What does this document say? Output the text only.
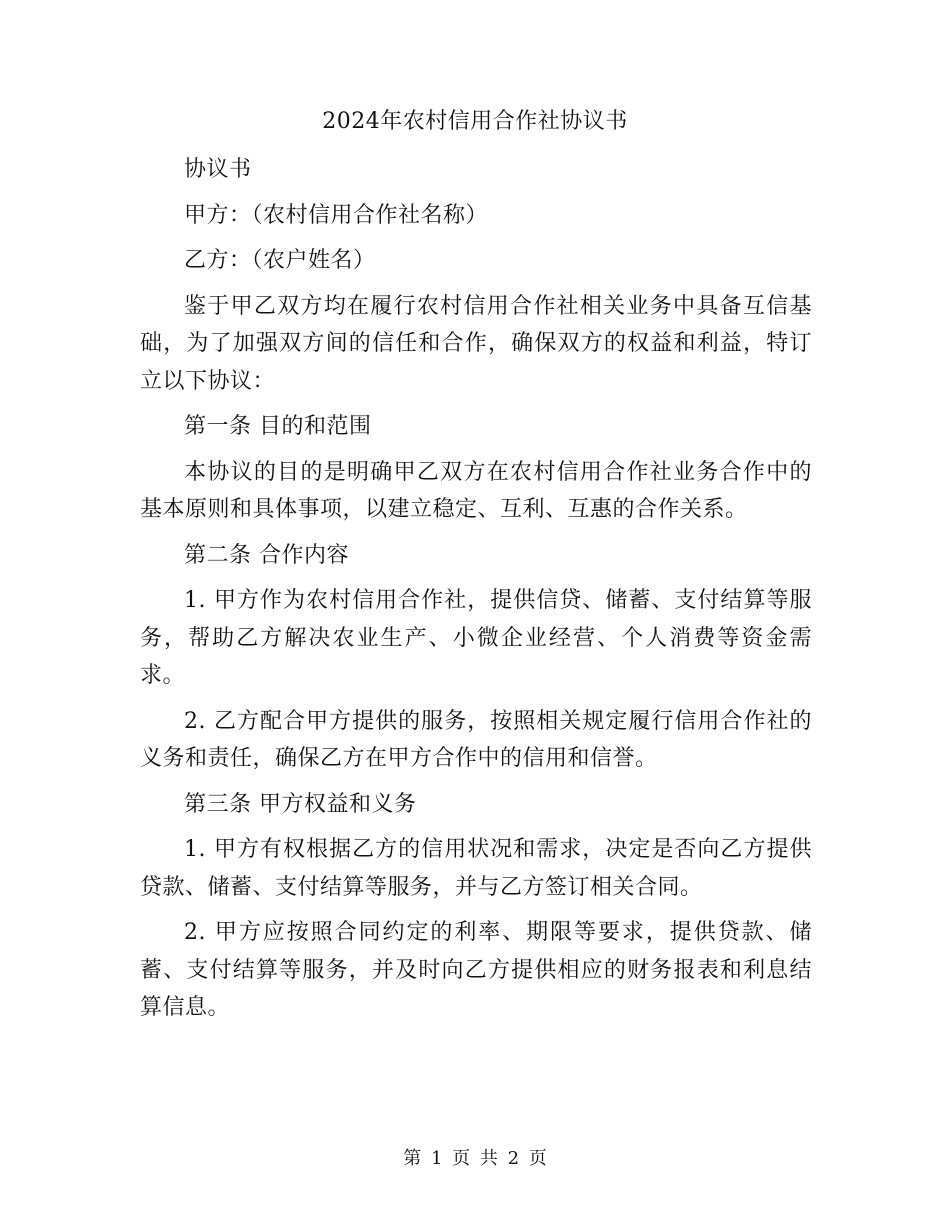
2024年农村信用合作社协议书

协议书

甲方：（农村信用合作社名称）

乙方：（农户姓名）

鉴于甲乙双方均在履行农村信用合作社相关业务中具备互信基础，为了加强双方间的信任和合作，确保双方的权益和利益，特订立以下协议：

第一条 目的和范围

本协议的目的是明确甲乙双方在农村信用合作社业务合作中的基本原则和具体事项，以建立稳定、互利、互惠的合作关系。

第二条 合作内容

1. 甲方作为农村信用合作社，提供信贷、储蓄、支付结算等服务，帮助乙方解决农业生产、小微企业经营、个人消费等资金需求。

2. 乙方配合甲方提供的服务，按照相关规定履行信用合作社的义务和责任，确保乙方在甲方合作中的信用和信誉。

第三条 甲方权益和义务

1. 甲方有权根据乙方的信用状况和需求，决定是否向乙方提供贷款、储蓄、支付结算等服务，并与乙方签订相关合同。

2. 甲方应按照合同约定的利率、期限等要求，提供贷款、储蓄、支付结算等服务，并及时向乙方提供相应的财务报表和利息结算信息。

第 1 页 共 2 页
